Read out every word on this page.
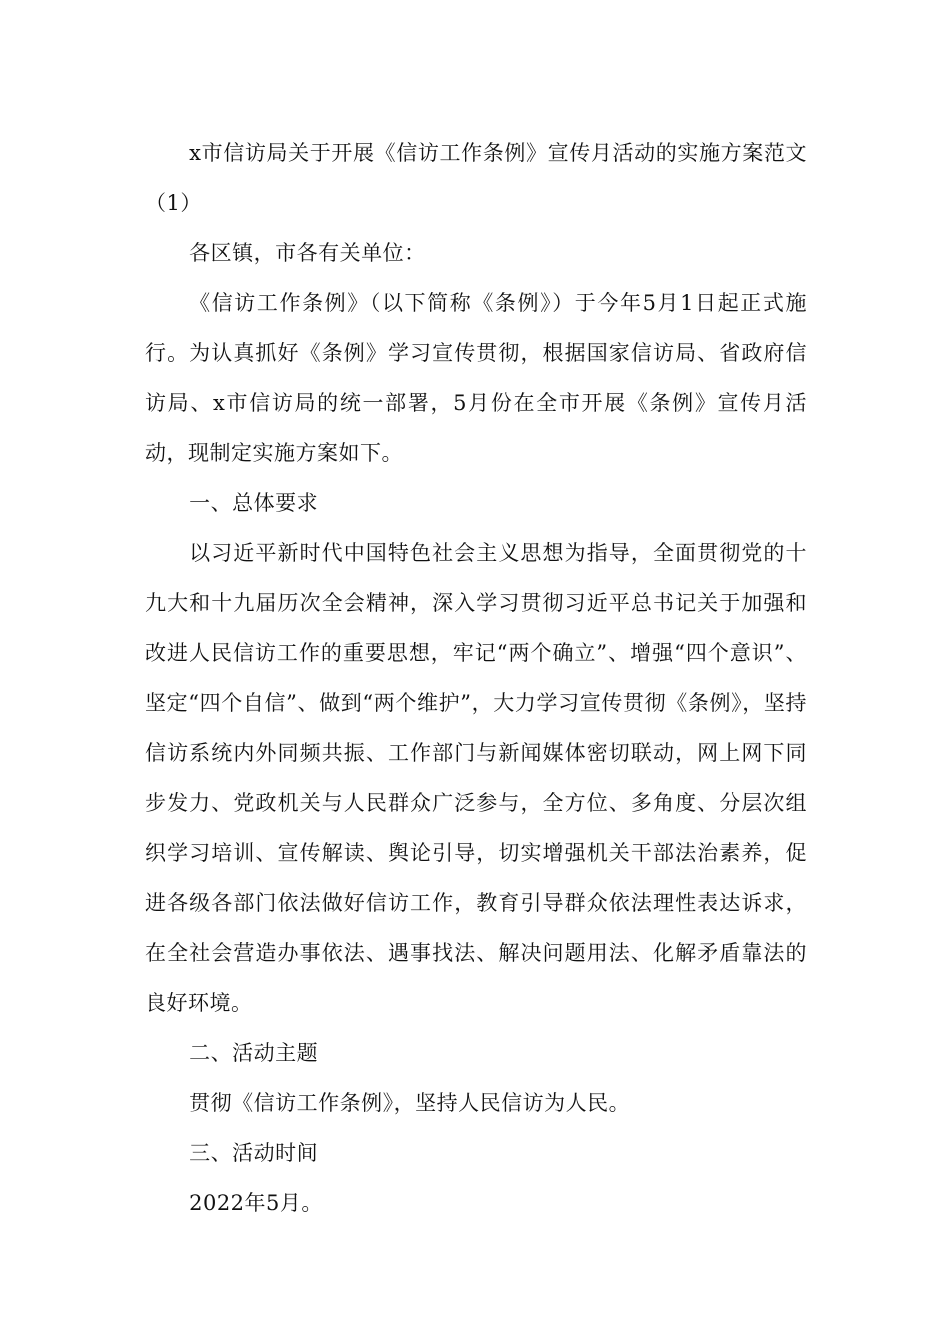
x市信访局关于开展《信访工作条例》宣传月活动的实施方案范文（1）

各区镇，市各有关单位：

《信访工作条例》（以下简称《条例》）于今年5月1日起正式施行。为认真抓好《条例》学习宣传贯彻，根据国家信访局、省政府信访局、x市信访局的统一部署，5月份在全市开展《条例》宣传月活动，现制定实施方案如下。

一、总体要求

以习近平新时代中国特色社会主义思想为指导，全面贯彻党的十九大和十九届历次全会精神，深入学习贯彻习近平总书记关于加强和改进人民信访工作的重要思想，牢记“两个确立”、增强“四个意识”、坚定“四个自信”、做到“两个维护”，大力学习宣传贯彻《条例》，坚持信访系统内外同频共振、工作部门与新闻媒体密切联动，网上网下同步发力、党政机关与人民群众广泛参与，全方位、多角度、分层次组织学习培训、宣传解读、舆论引导，切实增强机关干部法治素养，促进各级各部门依法做好信访工作，教育引导群众依法理性表达诉求，在全社会营造办事依法、遇事找法、解决问题用法、化解矛盾靠法的良好环境。

二、活动主题

贯彻《信访工作条例》，坚持人民信访为人民。

三、活动时间

2022年5月。
